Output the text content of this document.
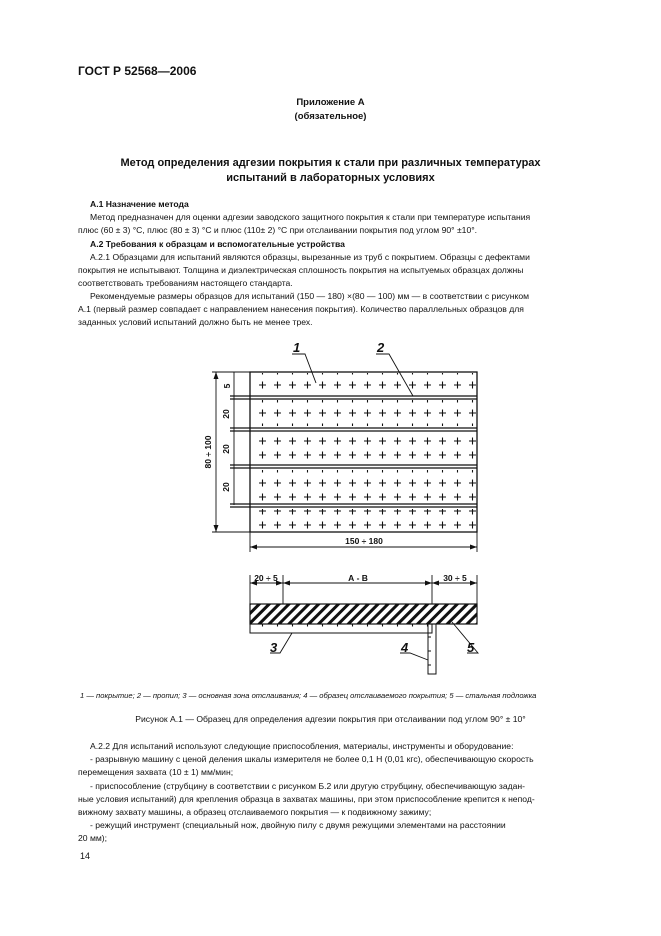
ГОСТ Р 52568—2006
Приложение А
(обязательное)
Метод определения адгезии покрытия к стали при различных температурах
испытаний в лабораторных условиях
А.1 Назначение метода
Метод предназначен для оценки адгезии заводского защитного покрытия к стали при температуре испытания
плюс (60 ± 3) °С, плюс (80 ± 3) °С и плюс (110± 2) °С при отслаивании покрытия под углом 90° ±10°.
А.2 Требования к образцам и вспомогательные устройства
А.2.1 Образцами для испытаний являются образцы, вырезанные из труб с покрытием. Образцы с дефектами
покрытия не испытывают. Толщина и диэлектрическая сплошность покрытия на испытуемых образцах должны
соответствовать требованиям настоящего стандарта.
Рекомендуемые размеры образцов для испытаний (150 — 180) ×(80 — 100) мм — в соответствии с рисунком
А.1 (первый размер совпадает с направлением нанесения покрытия). Количество параллельных образцов для
заданных условий испытаний должно быть не менее трех.
5
20
20
20
80 ÷ 100
150 ÷ 180
1	2
20 ÷ 5	А - В	30 ÷ 5
3	4	5
1 — покрытие; 2 — пропил; 3 — основная зона отслаивания; 4 — образец отслаиваемого покрытия; 5 — стальная подложка
Рисунок А.1 — Образец для определения адгезии покрытия при отслаивании под углом 90° ± 10°
А.2.2 Для испытаний используют следующие приспособления, материалы, инструменты и оборудование:
- разрывную машину с ценой деления шкалы измерителя не более 0,1 Н (0,01 кгс), обеспечивающую скорость
перемещения захвата (10 ± 1) мм/мин;
- приспособление (струбцину в соответствии с рисунком Б.2 или другую струбцину, обеспечивающую задан-
ные условия испытаний) для крепления образца в захватах машины, при этом приспособление крепится к непод-
вижному захвату машины, а образец отслаиваемого покрытия — к подвижному зажиму;
- режущий инструмент (специальный нож, двойную пилу с двумя режущими элементами на расстоянии
20 мм);
14
